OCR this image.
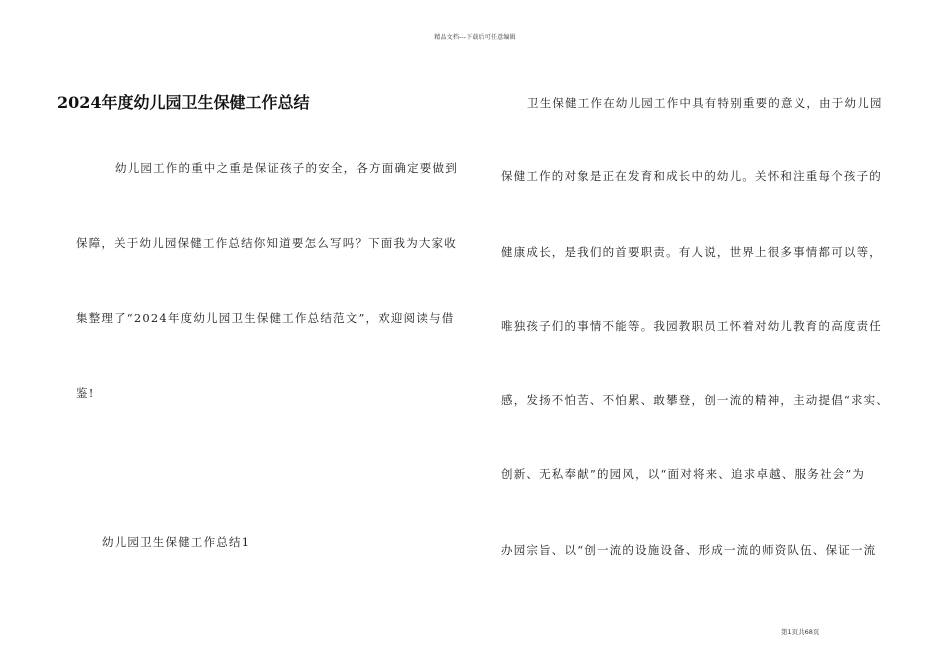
精品文档---下载后可任意编辑
2024年度幼儿园卫生保健工作总结
幼儿园工作的重中之重是保证孩子的安全，各方面确定要做到
保障，关于幼儿园保健工作总结你知道要怎么写吗？下面我为大家收
集整理了“2024年度幼儿园卫生保健工作总结范文”，欢迎阅读与借
鉴!
幼儿园卫生保健工作总结1
卫生保健工作在幼儿园工作中具有特别重要的意义，由于幼儿园
保健工作的对象是正在发育和成长中的幼儿。关怀和注重每个孩子的
健康成长，是我们的首要职责。有人说，世界上很多事情都可以等，
唯独孩子们的事情不能等。我园教职员工怀着对幼儿教育的高度责任
感，发扬不怕苦、不怕累、敢攀登，创一流的精神，主动提倡“求实、
创新、无私奉献”的园风，以“面对将来、追求卓越、服务社会”为
办园宗旨、以“创一流的设施设备、形成一流的师资队伍、保证一流
第1页共68页
